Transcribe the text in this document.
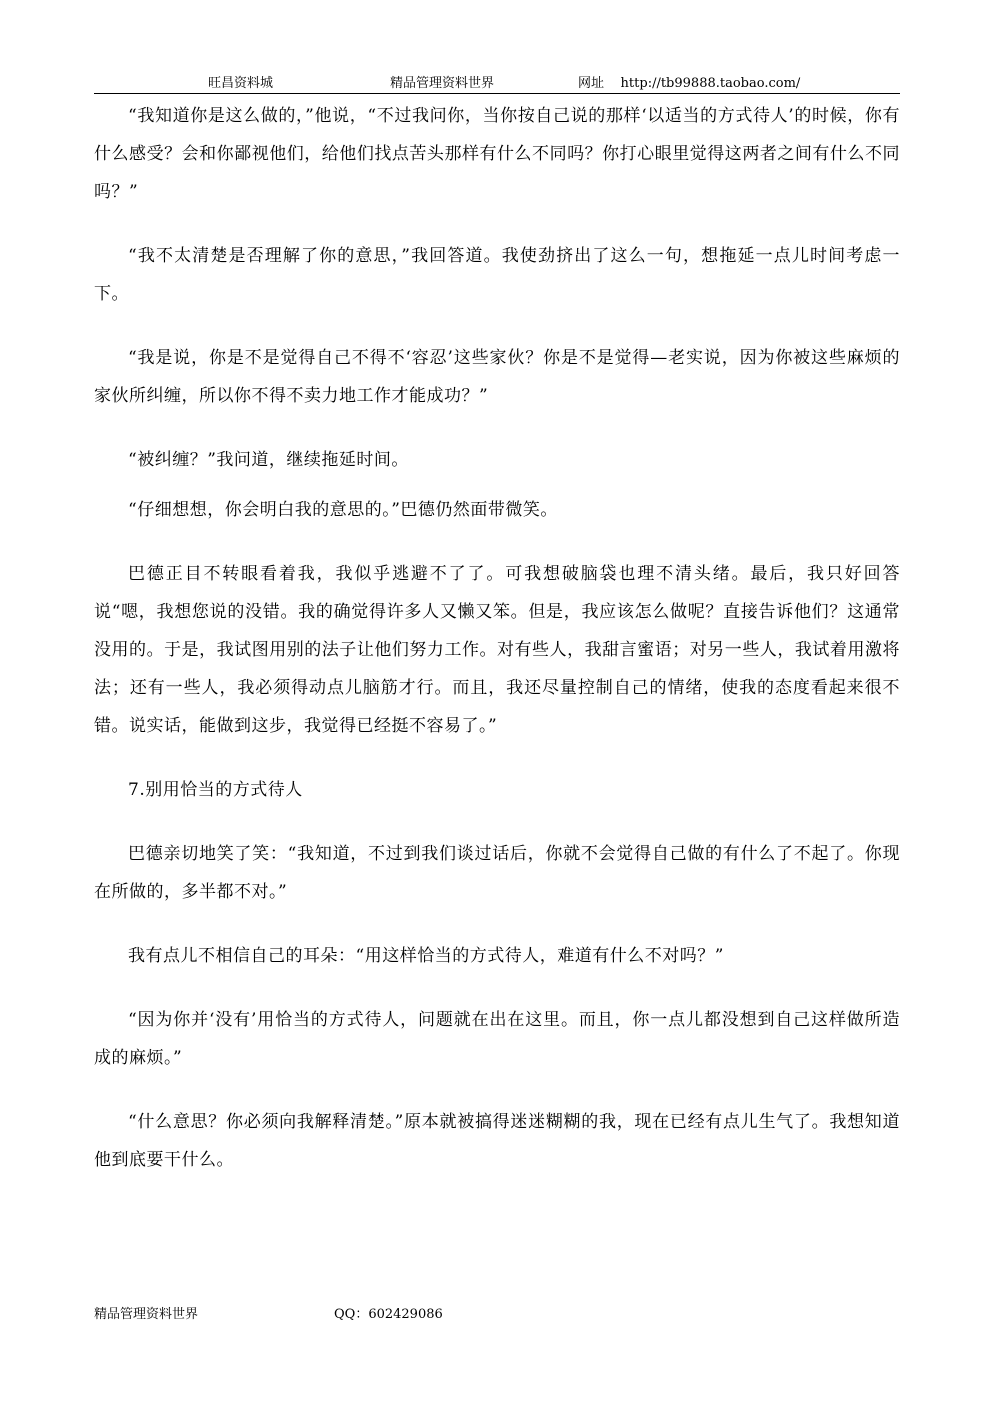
旺昌资料城	精品管理资料世界	网址 http://tb99888.taobao.com/

“我知道你是这么做的，”他说，“不过我问你，当你按自己说的那样‘以适当的方式待人’的时候，你有什么感受？会和你鄙视他们，给他们找点苦头那样有什么不同吗？你打心眼里觉得这两者之间有什么不同吗？”

“我不太清楚是否理解了你的意思，”我回答道。我使劲挤出了这么一句，想拖延一点儿时间考虑一下。

“我是说，你是不是觉得自己不得不‘容忍’这些家伙？你是不是觉得—老实说，因为你被这些麻烦的家伙所纠缠，所以你不得不卖力地工作才能成功？”

“被纠缠？”我问道，继续拖延时间。

“仔细想想，你会明白我的意思的。”巴德仍然面带微笑。

巴德正目不转眼看着我，我似乎逃避不了了。可我想破脑袋也理不清头绪。最后，我只好回答说“嗯，我想您说的没错。我的确觉得许多人又懒又笨。但是，我应该怎么做呢？直接告诉他们？这通常没用的。于是，我试图用别的法子让他们努力工作。对有些人，我甜言蜜语；对另一些人，我试着用激将法；还有一些人，我必须得动点儿脑筋才行。而且，我还尽量控制自己的情绪，使我的态度看起来很不错。说实话，能做到这步，我觉得已经挺不容易了。”

7.别用恰当的方式待人

巴德亲切地笑了笑：“我知道，不过到我们谈过话后，你就不会觉得自己做的有什么了不起了。你现在所做的，多半都不对。”

我有点儿不相信自己的耳朵：“用这样恰当的方式待人，难道有什么不对吗？”

“因为你并‘没有’用恰当的方式待人，问题就在出在这里。而且，你一点儿都没想到自己这样做所造成的麻烦。”

“什么意思？你必须向我解释清楚。”原本就被搞得迷迷糊糊的我，现在已经有点儿生气了。我想知道他到底要干什么。

精品管理资料世界	QQ：602429086
